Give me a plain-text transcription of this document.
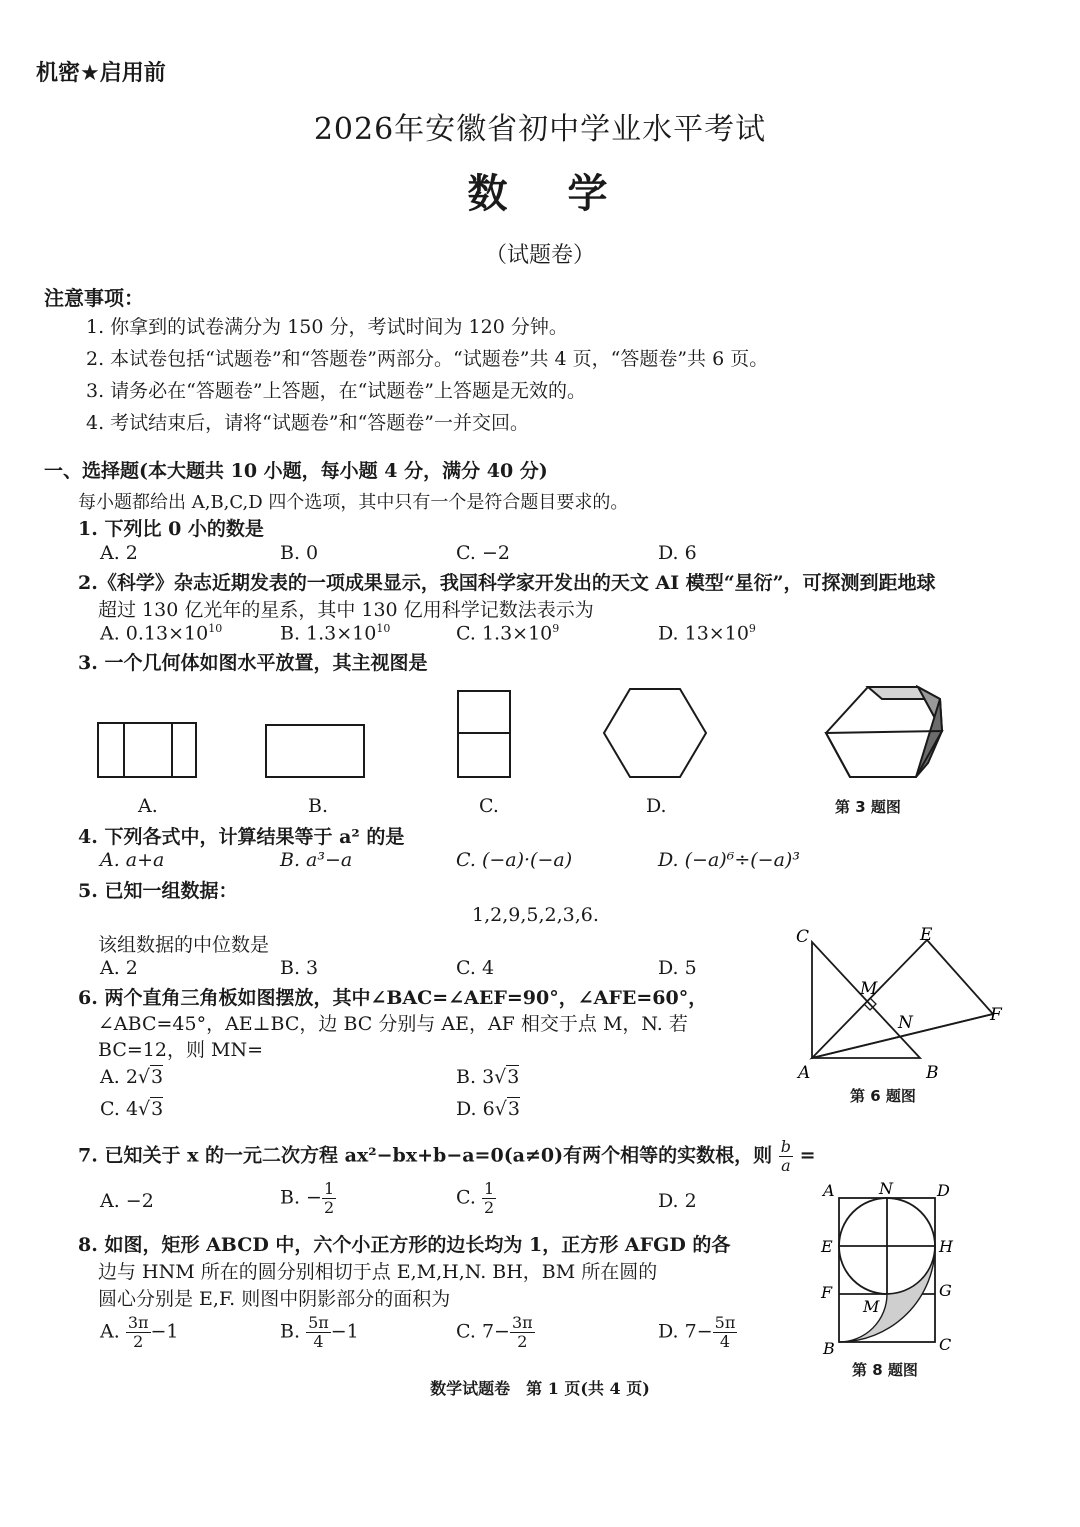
机密★启用前
2026年安徽省初中学业水平考试
数学
（试题卷）
注意事项：
1. 你拿到的试卷满分为 150 分，考试时间为 120 分钟。
2. 本试卷包括“试题卷”和“答题卷”两部分。“试题卷”共 4 页，“答题卷”共 6 页。
3. 请务必在“答题卷”上答题，在“试题卷”上答题是无效的。
4. 考试结束后，请将“试题卷”和“答题卷”一并交回。
一、选择题(本大题共 10 小题，每小题 4 分，满分 40 分)
每小题都给出 A,B,C,D 四个选项，其中只有一个是符合题目要求的。
1. 下列比 0 小的数是
A. 2	B. 0	C. −2	D. 6
2.《科学》杂志近期发表的一项成果显示，我国科学家开发出的天文 AI 模型“星衍”，可探测到距地球
超过 130 亿光年的星系，其中 130 亿用科学记数法表示为
A. $0.13\times 10^{10}$	B. $1.3\times 10^{10}$	C. $1.3\times 10^9$	D. $13\times 10^9$
3. 一个几何体如图水平放置，其主视图是
A.	B.	C.	D.	第 3 题图
4. 下列各式中，计算结果等于 a² 的是
A. a+a	B. a³−a	C. (−a)·(−a)	D. (−a)⁶÷(−a)³
5. 已知一组数据：
1,2,9,5,2,3,6.
该组数据的中位数是
A. 2	B. 3	C. 4	D. 5
6. 两个直角三角板如图摆放，其中∠BAC=∠AEF=90°，∠AFE=60°，
∠ABC=45°，AE⊥BC，边 BC 分别与 AE，AF 相交于点 M，N. 若
BC=12，则 MN=
A. 2√3	B. 3√3
C. 4√3	D. 6√3
C
A	B
E
F
M
N
第 6 题图
7. 已知关于 x 的一元二次方程 ax²−bx+b−a=0(a≠0)有两个相等的实数根，则 $\frac{b}{a}$ =
A. −2	B. − $\frac{1}{2}$	C. $\frac{1}{2}$	D. 2
8. 如图，矩形 ABCD 中，六个小正方形的边长均为 1，正方形 AFGD 的各
边与 HNM 所在的圆分别相切于点 E,M,H,N. BH，BM 所在圆的
圆心分别是 E,F. 则图中阴影部分的面积为
A. $\frac{3\pi}{2} -1$	B. $\frac{5\pi}{4} -1$	C. $7- \frac{3\pi}{2}$	D. $7- \frac{5\pi}{4}$
A	N	D
E	H
F	G
M
B	C
第 8 题图
数学试题卷　第 1 页(共 4 页)
